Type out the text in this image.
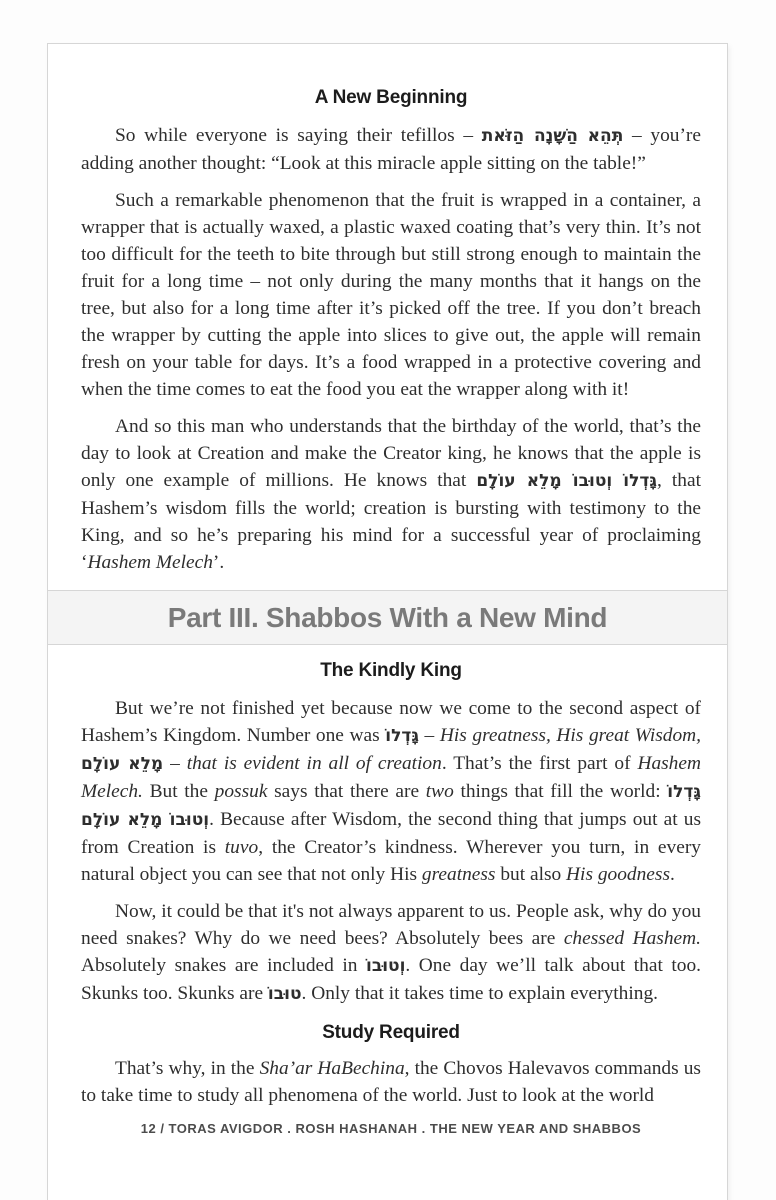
A New Beginning

So while everyone is saying their tefillos – תְּהֵא הַשָּׁנָה הַזֹּאת – you’re adding another thought: “Look at this miracle apple sitting on the table!”

Such a remarkable phenomenon that the fruit is wrapped in a container, a wrapper that is actually waxed, a plastic waxed coating that’s very thin. It’s not too difficult for the teeth to bite through but still strong enough to maintain the fruit for a long time – not only during the many months that it hangs on the tree, but also for a long time after it’s picked off the tree. If you don’t breach the wrapper by cutting the apple into slices to give out, the apple will remain fresh on your table for days. It’s a food wrapped in a protective covering and when the time comes to eat the food you eat the wrapper along with it!

And so this man who understands that the birthday of the world, that’s the day to look at Creation and make the Creator king, he knows that the apple is only one example of millions. He knows that גָּדְלוֹ וְטוּבוֹ מָלֵא עוֹלָם, that Hashem’s wisdom fills the world; creation is bursting with testimony to the King, and so he’s preparing his mind for a successful year of proclaiming ‘Hashem Melech’.

Part III. Shabbos With a New Mind
The Kindly King

But we’re not finished yet because now we come to the second aspect of Hashem’s Kingdom. Number one was גָּדְלוֹ – His greatness, His great Wisdom, מָלֵא עוֹלָם – that is evident in all of creation. That’s the first part of Hashem Melech. But the possuk says that there are two things that fill the world: גָּדְלוֹ וְטוּבוֹ מָלֵא עוֹלָם. Because after Wisdom, the second thing that jumps out at us from Creation is tuvo, the Creator’s kindness. Wherever you turn, in every natural object you can see that not only His greatness but also His goodness.

Now, it could be that it's not always apparent to us. People ask, why do you need snakes? Why do we need bees? Absolutely bees are chessed Hashem. Absolutely snakes are included in וְטוּבוֹ. One day we’ll talk about that too. Skunks too. Skunks are טוּבוֹ. Only that it takes time to explain everything.

Study Required

That’s why, in the Sha’ar HaBechina, the Chovos Halevavos commands us to take time to study all phenomena of the world. Just to look at the world

12 / TORAS AVIGDOR . ROSH HASHANAH . THE NEW YEAR AND SHABBOS
